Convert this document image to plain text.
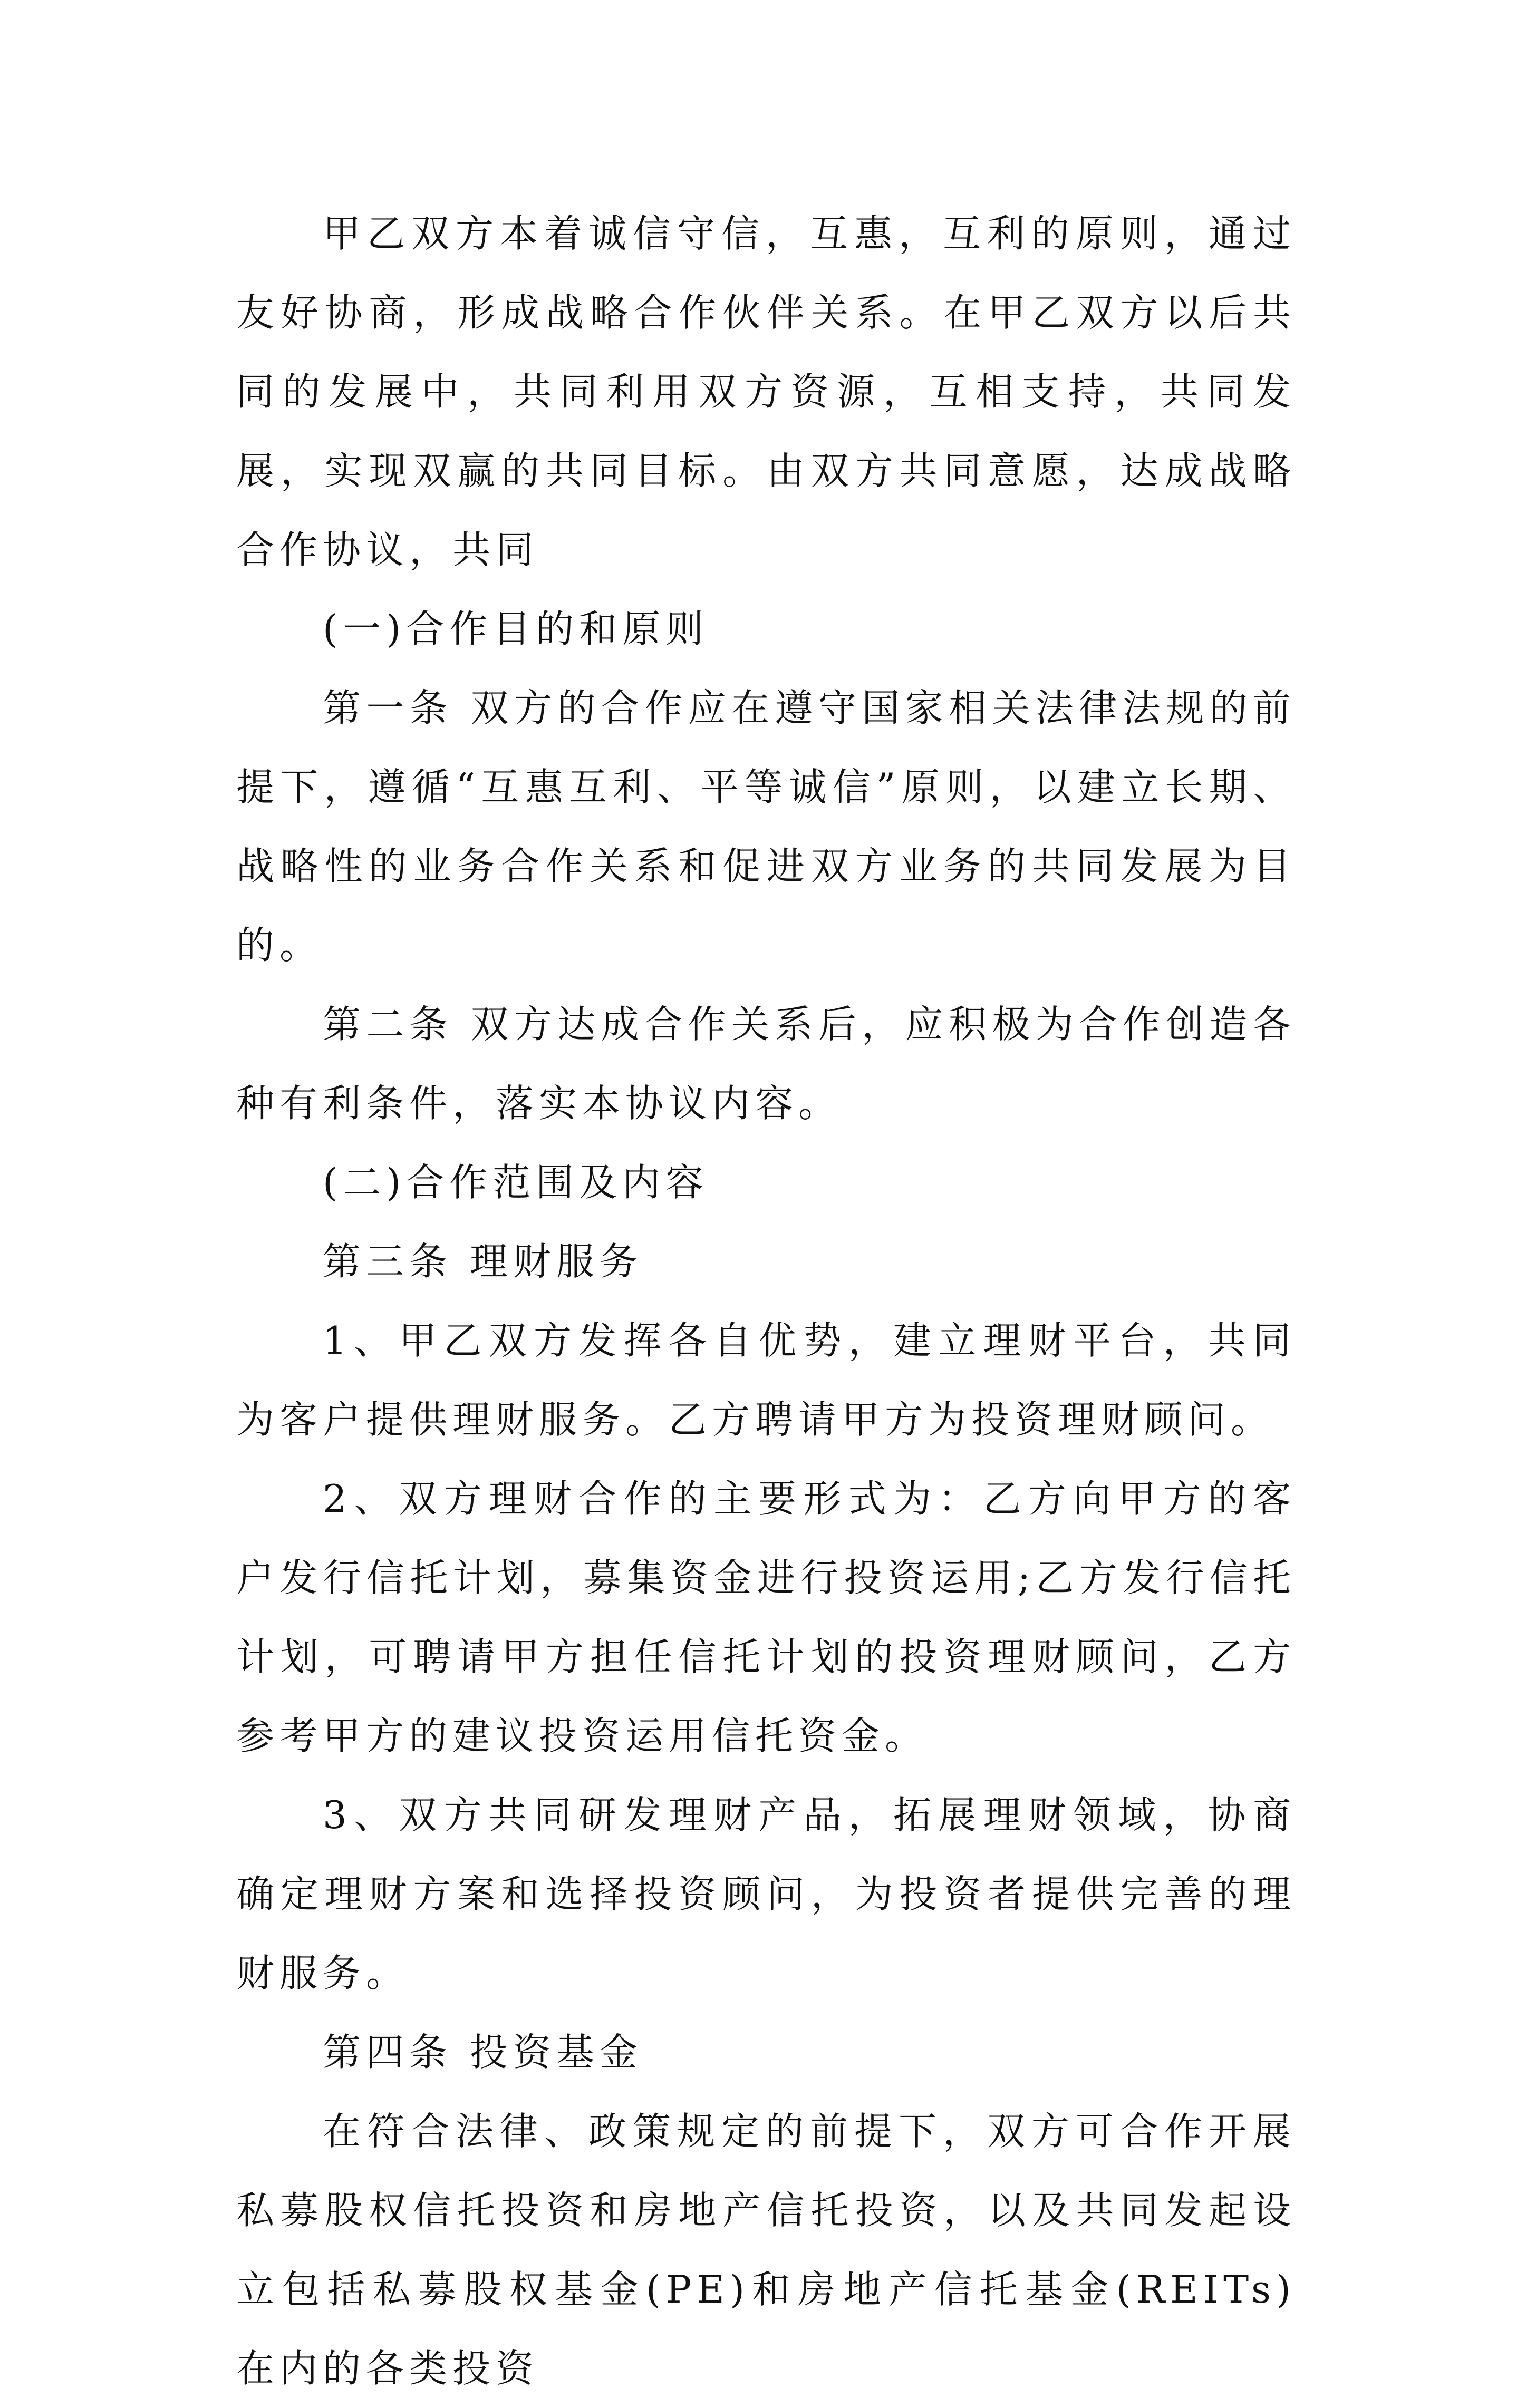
甲乙双方本着诚信守信，互惠，互利的原则，通过友好协商，形成战略合作伙伴关系。在甲乙双方以后共同的发展中，共同利用双方资源，互相支持，共同发展，实现双赢的共同目标。由双方共同意愿，达成战略合作协议，共同

(一)合作目的和原则

第一条 双方的合作应在遵守国家相关法律法规的前提下，遵循“互惠互利、平等诚信”原则，以建立长期、战略性的业务合作关系和促进双方业务的共同发展为目的。

第二条 双方达成合作关系后，应积极为合作创造各种有利条件，落实本协议内容。

(二)合作范围及内容

第三条 理财服务

1、甲乙双方发挥各自优势，建立理财平台，共同为客户提供理财服务。乙方聘请甲方为投资理财顾问。

2、双方理财合作的主要形式为：乙方向甲方的客户发行信托计划，募集资金进行投资运用;乙方发行信托计划，可聘请甲方担任信托计划的投资理财顾问，乙方参考甲方的建议投资运用信托资金。

3、双方共同研发理财产品，拓展理财领域，协商确定理财方案和选择投资顾问，为投资者提供完善的理财服务。

第四条 投资基金

在符合法律、政策规定的前提下，双方可合作开展私募股权信托投资和房地产信托投资，以及共同发起设立包括私募股权基金(PE)和房地产信托基金(REITs)在内的各类投资
